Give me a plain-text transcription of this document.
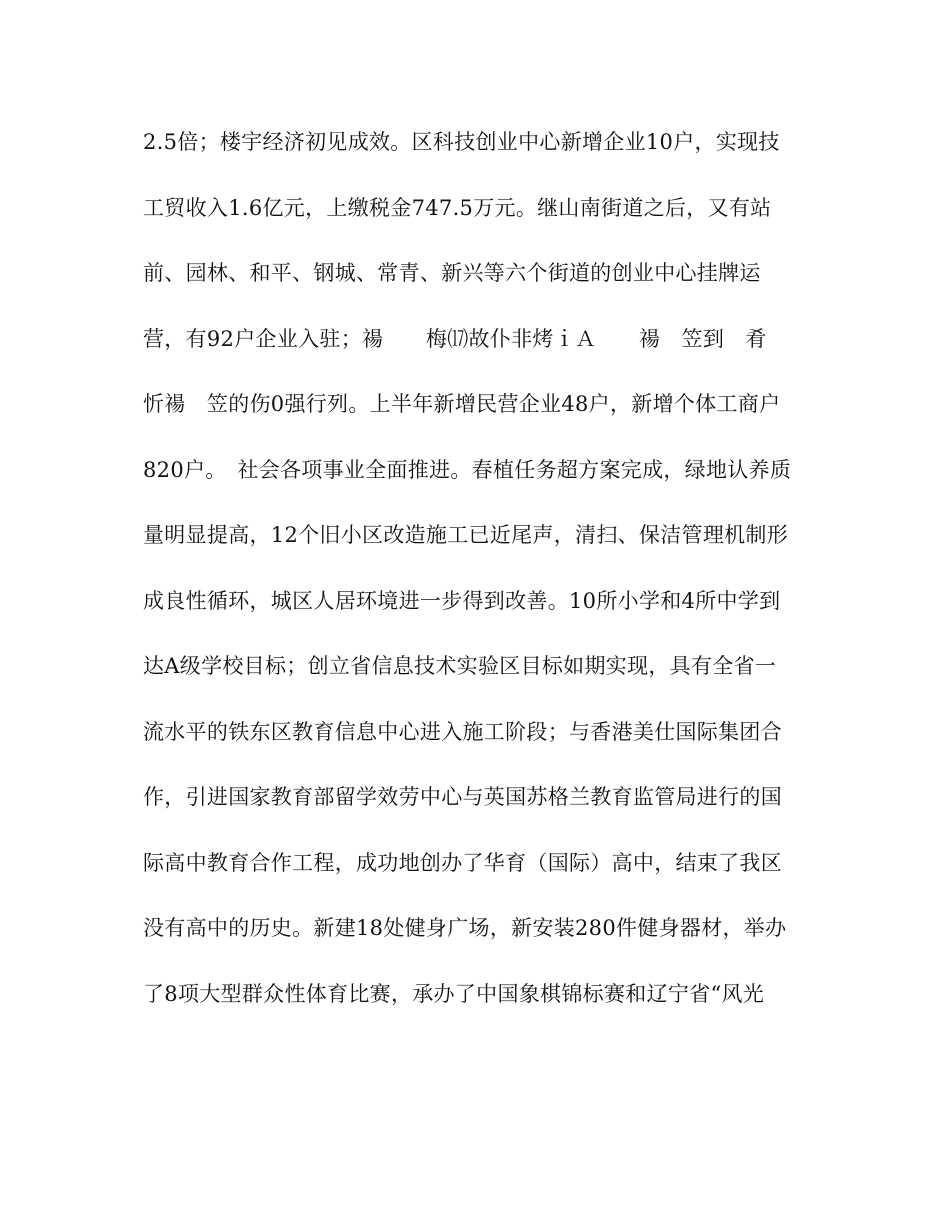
2.5倍；楼宇经济初见成效。区科技创业中心新增企业10户，实现技
工贸收入1.6亿元，上缴税金747.5万元。继山南街道之后，又有站
前、园林、和平、钢城、常青、新兴等六个街道的创业中心挂牌运
营，有92户企业入驻；禓　　梅⒄故仆非烤ｉＡ　　禓　笠到　肴
忻禓　笠的伤0强行列。上半年新增民营企业48户，新增个体工商户
820户。　社会各项事业全面推进。春植任务超方案完成，绿地认养质
量明显提高，12个旧小区改造施工已近尾声，清扫、保洁管理机制形
成良性循环，城区人居环境进一步得到改善。10所小学和4所中学到
达A级学校目标；创立省信息技术实验区目标如期实现，具有全省一
流水平的铁东区教育信息中心进入施工阶段；与香港美仕国际集团合
作，引进国家教育部留学效劳中心与英国苏格兰教育监管局进行的国
际高中教育合作工程，成功地创办了华育（国际）高中，结束了我区
没有高中的历史。新建18处健身广场，新安装280件健身器材，举办
了8项大型群众性体育比赛，承办了中国象棋锦标赛和辽宁省“风光
